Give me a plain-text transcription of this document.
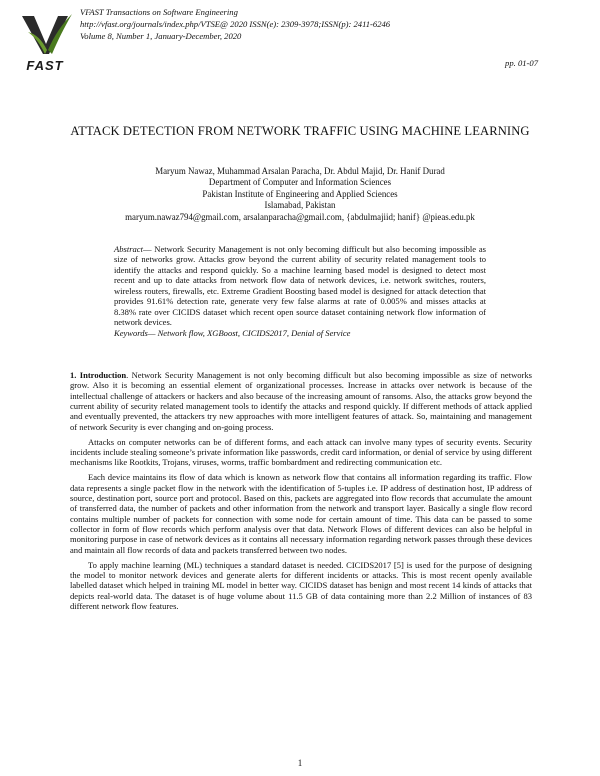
FAST
VFAST Transactions on Software Engineering
http://vfast.org/journals/index.php/VTSE@ 2020 ISSN(e): 2309-3978;ISSN(p): 2411-6246
Volume 8, Number 1, January-December, 2020
pp. 01-07
ATTACK DETECTION FROM NETWORK TRAFFIC USING MACHINE LEARNING
Maryum Nawaz, Muhammad Arsalan Paracha, Dr. Abdul Majid, Dr. Hanif Durad
Department of Computer and Information Sciences
Pakistan Institute of Engineering and Applied Sciences
Islamabad, Pakistan
maryum.nawaz794@gmail.com, arsalanparacha@gmail.com, {abdulmajiid; hanif} @pieas.edu.pk

Abstract— Network Security Management is not only becoming difficult but also becoming impossible as size of networks grow. Attacks grow beyond the current ability of security related management tools to identify the attacks and respond quickly. So a machine learning based model is designed to detect most recent and up to date attacks from network flow data of network devices, i.e. network switches, routers, wireless routers, firewalls, etc. Extreme Gradient Boosting based model is designed for attack detection that provides 91.61% detection rate, generate very few false alarms at rate of 0.005% and misses attacks at 8.38% rate over CICIDS dataset which recent open source dataset containing network flow information of network devices.

Keywords— Network flow, XGBoost, CICIDS2017, Denial of Service

1. Introduction. Network Security Management is not only becoming difficult but also becoming impossible as size of networks grow. Also it is becoming an essential element of organizational processes. Increase in attacks over network is because of the intellectual challenge of attackers or hackers and also because of the increasing amount of ransoms. Also, the attacks grow beyond the current ability of security related management tools to identify the attacks and respond quickly. If different methods of attack applied and eventually prevented, the attackers try new approaches with more intelligent features of attack. So, maintaining and management of network Security is ever changing and on-going process.

Attacks on computer networks can be of different forms, and each attack can involve many types of security events. Security incidents include stealing someone’s private information like passwords, credit card information, or denial of service by using different mechanisms like Rootkits, Trojans, viruses, worms, traffic bombardment and redirecting communication etc.

Each device maintains its flow of data which is known as network flow that contains all information regarding its traffic. Flow data represents a single packet flow in the network with the identification of 5-tuples i.e. IP address of destination host, IP address of source, destination port, source port and protocol. Based on this, packets are aggregated into flow records that accumulate the amount of transferred data, the number of packets and other information from the network and transport layer. Basically a single flow record contains multiple number of packets for connection with some node for certain amount of time. This data can be passed to some collector in form of flow records which perform analysis over that data. Network Flows of different devices can also be helpful in monitoring purpose in case of network devices as it contains all necessary information regarding network passes through these devices and maintain all flow records of data and packets transferred between two nodes.

To apply machine learning (ML) techniques a standard dataset is needed. CICIDS2017 [5] is used for the purpose of designing the model to monitor network devices and generate alerts for different incidents or attacks. This is most recent openly available labelled dataset which helped in training ML model in better way. CICIDS dataset has benign and most recent 14 kinds of attacks that depicts real-world data. The dataset is of huge volume about 11.5 GB of data containing more than 2.2 Million of instances of 83 different network flow features.

1
